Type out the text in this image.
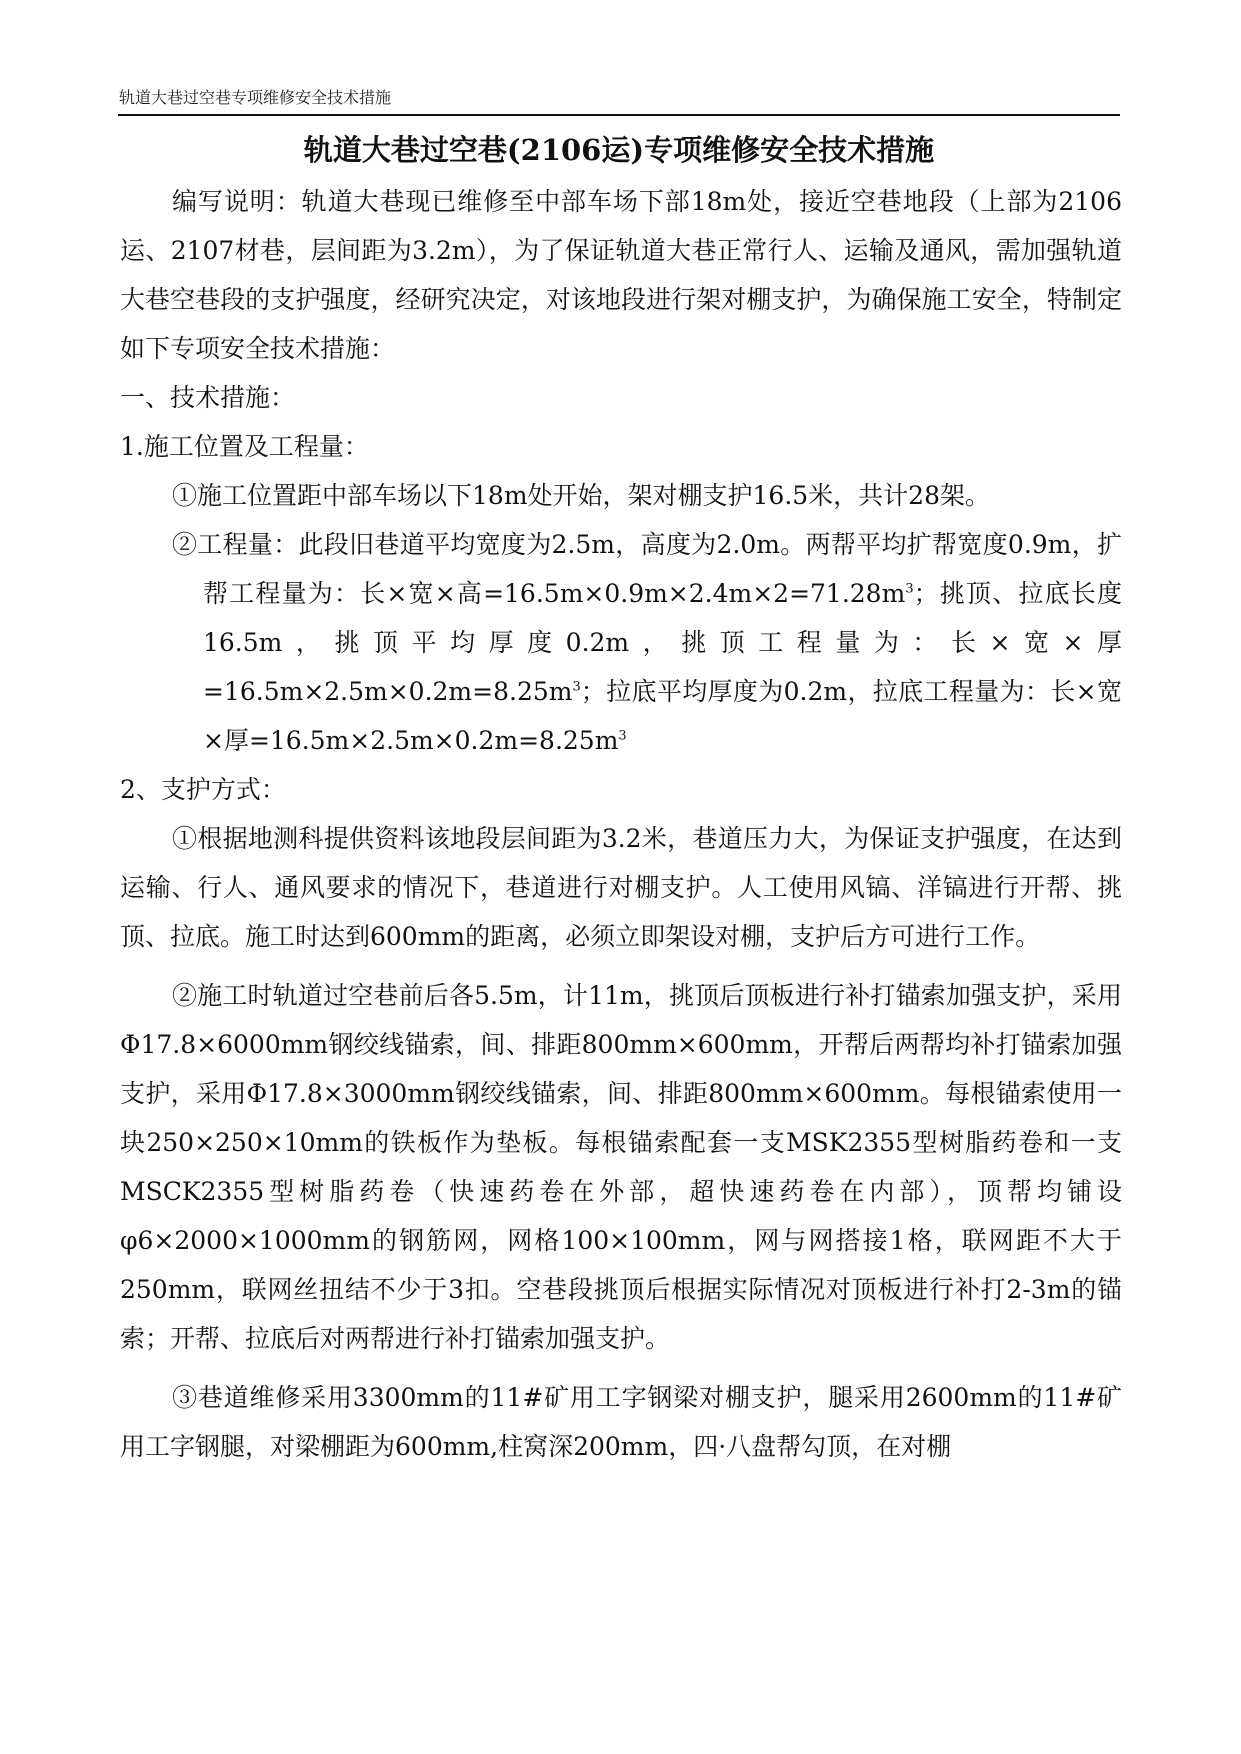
轨道大巷过空巷专项维修安全技术措施
轨道大巷过空巷(2106运)专项维修安全技术措施

编写说明：轨道大巷现已维修至中部车场下部18m处，接近空巷地段（上部为2106运、2107材巷，层间距为3.2m），为了保证轨道大巷正常行人、运输及通风，需加强轨道大巷空巷段的支护强度，经研究决定，对该地段进行架对棚支护，为确保施工安全，特制定如下专项安全技术措施：

一、技术措施：

1.施工位置及工程量：

①施工位置距中部车场以下18m处开始，架对棚支护16.5米，共计28架。

②工程量：此段旧巷道平均宽度为2.5m，高度为2.0m。两帮平均扩帮宽度0.9m，扩帮工程量为：长×宽×高$=16.5m\times 0.9m\times 2.4m\times 2=71.28m^3$；挑顶、拉底长度16.5m，挑顶平均厚度0.2m，挑顶工程量为：长×宽×厚$=16.5m\times 2.5m\times 0.2m=8.25m^3$；拉底平均厚度为0.2m，拉底工程量为：长×宽×厚$=16.5m\times 2.5m\times 0.2m=8.25m^3$

2、支护方式：

①根据地测科提供资料该地段层间距为3.2米，巷道压力大，为保证支护强度，在达到运输、行人、通风要求的情况下，巷道进行对棚支护。人工使用风镐、洋镐进行开帮、挑顶、拉底。施工时达到600mm的距离，必须立即架设对棚，支护后方可进行工作。

②施工时轨道过空巷前后各5.5m，计11m，挑顶后顶板进行补打锚索加强支护，采用Φ17.8×6000mm钢绞线锚索，间、排距800mm×600mm，开帮后两帮均补打锚索加强支护，采用Φ17.8×3000mm钢绞线锚索，间、排距800mm×600mm。每根锚索使用一块250×250×10mm的铁板作为垫板。每根锚索配套一支MSK2355型树脂药卷和一支MSCK2355型树脂药卷（快速药卷在外部，超快速药卷在内部），顶帮均铺设φ6×2000×1000mm的钢筋网，网格100×100mm，网与网搭接1格，联网距不大于250mm，联网丝扭结不少于3扣。空巷段挑顶后根据实际情况对顶板进行补打2-3m的锚索；开帮、拉底后对两帮进行补打锚索加强支护。

③巷道维修采用3300mm的11#矿用工字钢梁对棚支护，腿采用2600mm的11#矿用工字钢腿，对梁棚距为600mm,柱窝深200mm，四·八盘帮勾顶，在对棚
